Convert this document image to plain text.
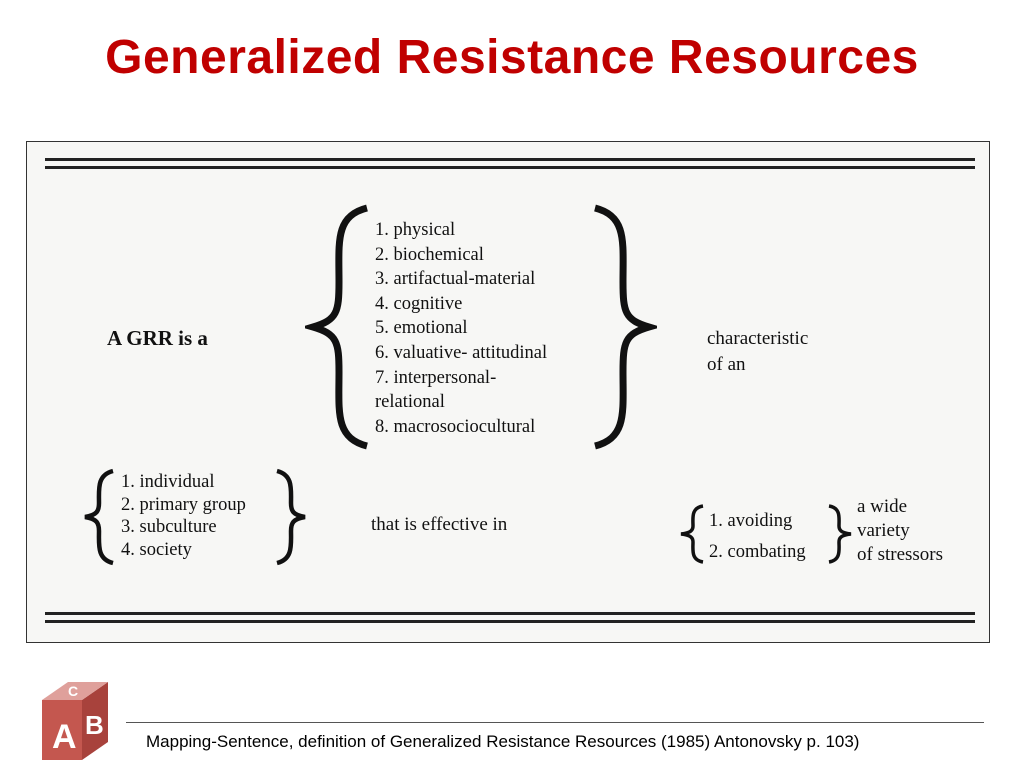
Generalized Resistance Resources
A GRR is a
1. physical
2. biochemical
3. artifactual-material
4. cognitive
5. emotional
6. valuative- attitudinal
7. interpersonal-
relational
8. macrosociocultural
characteristic
of an
1. individual
2. primary group
3. subculture
4. society
that is effective in	1. avoiding
2. combating
a wide
variety
of stressors
A B
C
Mapping-Sentence, definition of Generalized Resistance Resources (1985) Antonovsky p. 103)
